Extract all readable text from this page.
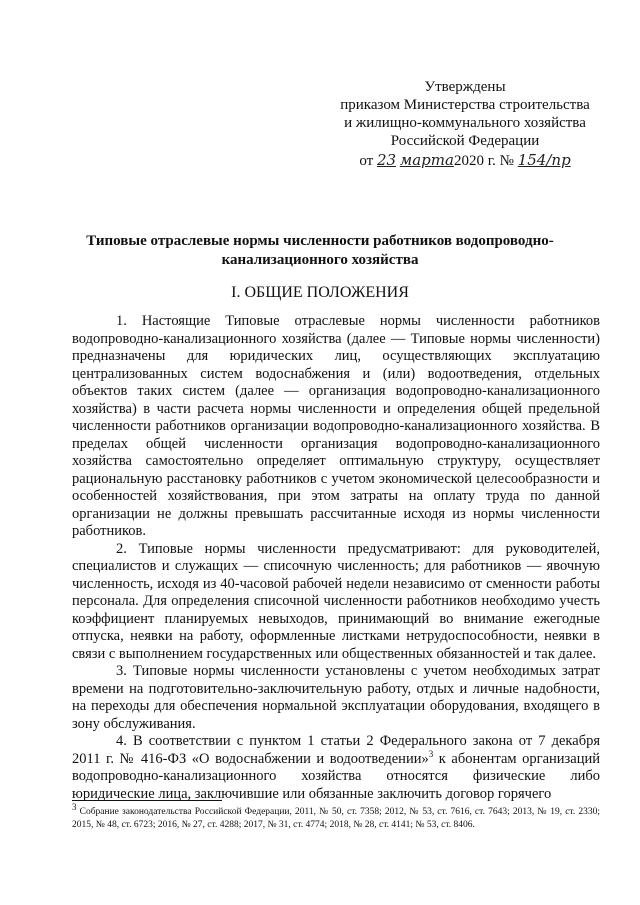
Утверждены
приказом Министерства строительства
и жилищно-коммунального хозяйства
Российской Федерации
от 23 марта2020 г. № 154/пр
Типовые отраслевые нормы численности работников водопроводно-канализационного хозяйства
I. ОБЩИЕ ПОЛОЖЕНИЯ

1. Настоящие Типовые отраслевые нормы численности работников водопроводно-канализационного хозяйства (далее — Типовые нормы численности) предназначены для юридических лиц, осуществляющих эксплуатацию централизованных систем водоснабжения и (или) водоотведения, отдельных объектов таких систем (далее — организация водопроводно-канализационного хозяйства) в части расчета нормы численности и определения общей предельной численности работников организации водопроводно-канализационного хозяйства. В пределах общей численности организация водопроводно-канализационного хозяйства самостоятельно определяет оптимальную структуру, осуществляет рациональную расстановку работников с учетом экономической целесообразности и особенностей хозяйствования, при этом затраты на оплату труда по данной организации не должны превышать рассчитанные исходя из нормы численности работников.

2. Типовые нормы численности предусматривают: для руководителей, специалистов и служащих — списочную численность; для работников — явочную численность, исходя из 40-часовой рабочей недели независимо от сменности работы персонала. Для определения списочной численности работников необходимо учесть коэффициент планируемых невыходов, принимающий во внимание ежегодные отпуска, неявки на работу, оформленные листками нетрудоспособности, неявки в связи с выполнением государственных или общественных обязанностей и так далее.

3. Типовые нормы численности установлены с учетом необходимых затрат времени на подготовительно-заключительную работу, отдых и личные надобности, на переходы для обеспечения нормальной эксплуатации оборудования, входящего в зону обслуживания.

4. В соответствии с пунктом 1 статьи 2 Федерального закона от 7 декабря 2011 г. № 416-ФЗ «О водоснабжении и водоотведении»$^3$ к абонентам организаций водопроводно-канализационного хозяйства относятся физические либо юридические лица, заключившие или обязанные заключить договор горячего

$^3$ Собрание законодательства Российской Федерации, 2011, № 50, ст. 7358; 2012, № 53, ст. 7616, ст. 7643; 2013, № 19, ст. 2330; 2015, № 48, ст. 6723; 2016, № 27, ст. 4288; 2017, № 31, ст. 4774; 2018, № 28, ст. 4141; № 53, ст. 8406.
